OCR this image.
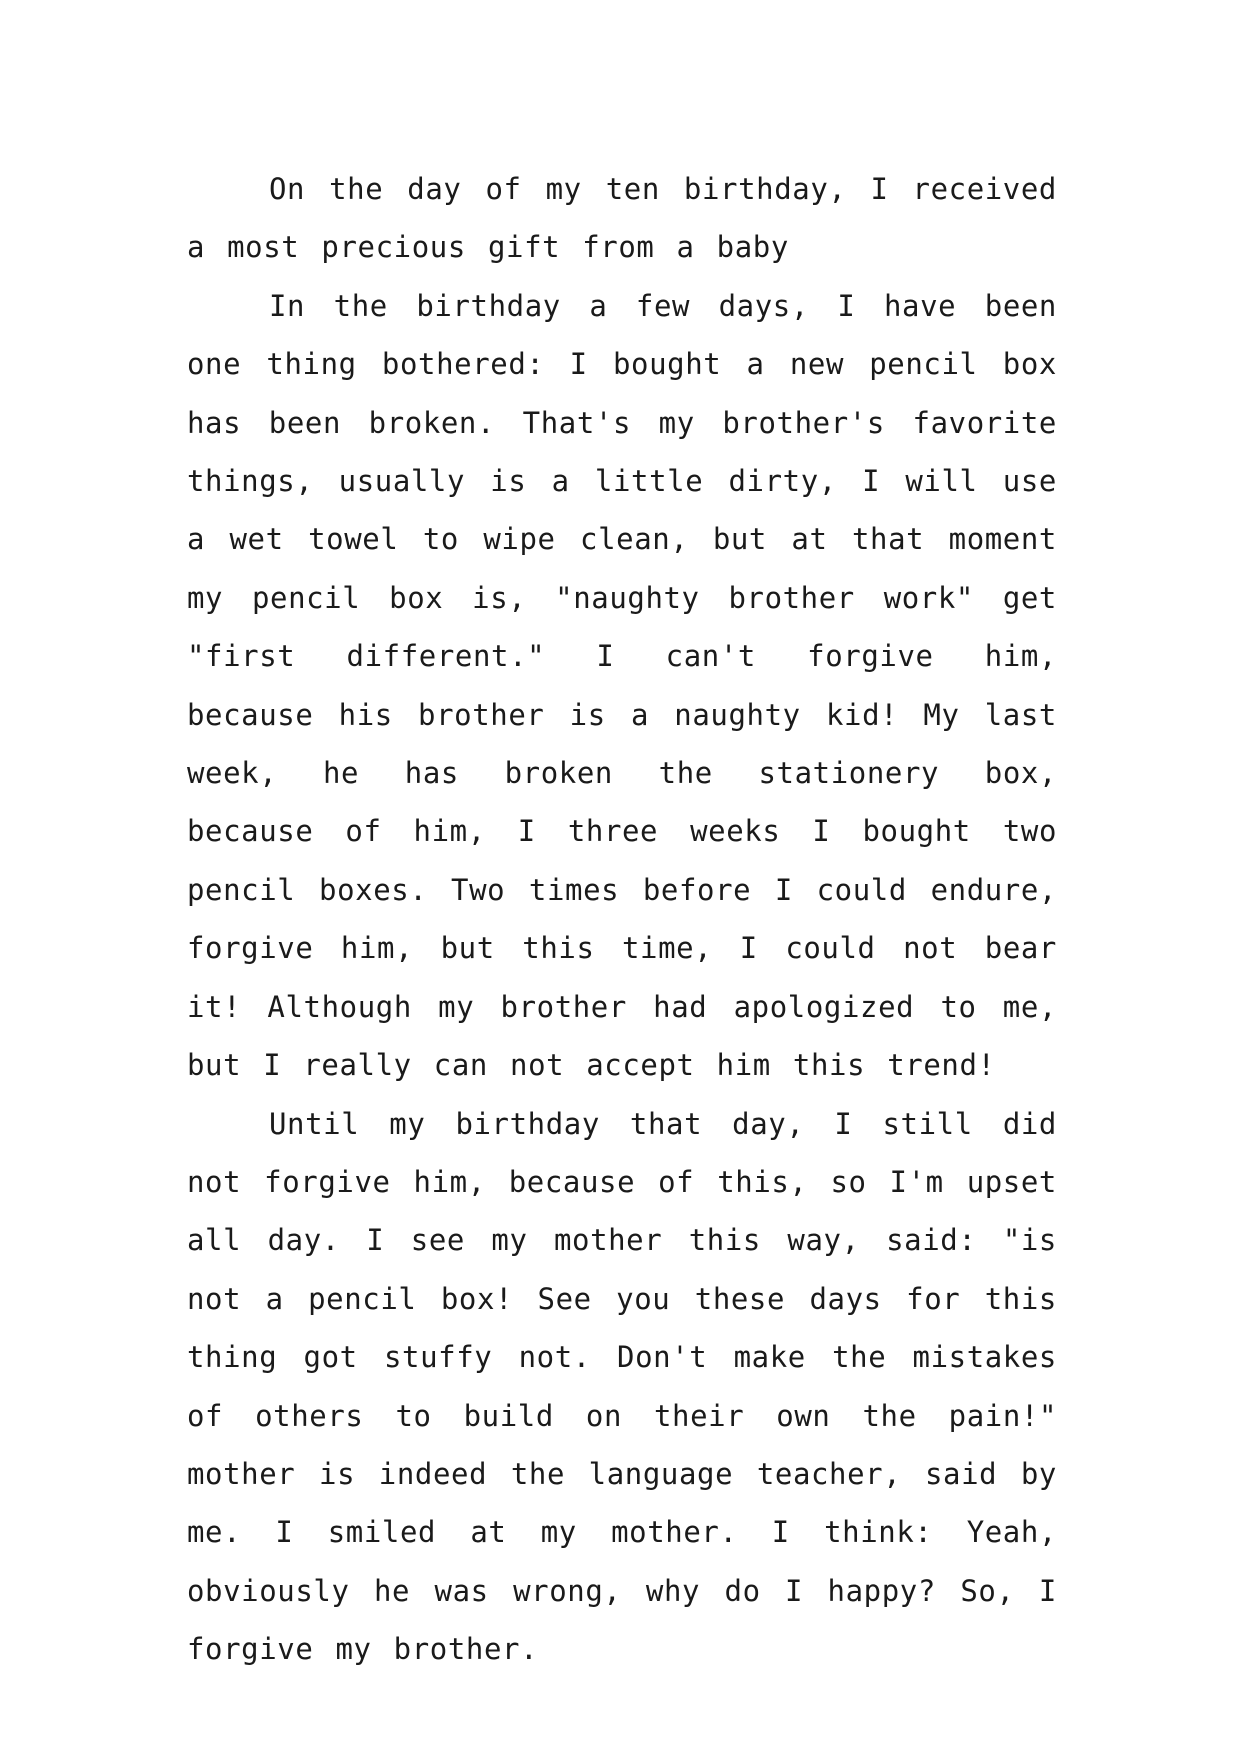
On the day of my ten birthday, I received a most precious gift from a baby

In the birthday a few days, I have been one thing bothered: I bought a new pencil box has been broken. That's my brother's favorite things, usually is a little dirty, I will use a wet towel to wipe clean, but at that moment my pencil box is, "naughty brother work" get "first different." I can't forgive him, because his brother is a naughty kid! My last week, he has broken the stationery box, because of him, I three weeks I bought two pencil boxes. Two times before I could endure, forgive him, but this time, I could not bear it! Although my brother had apologized to me, but I really can not accept him this trend!

Until my birthday that day, I still did not forgive him, because of this, so I'm upset all day. I see my mother this way, said: "is not a pencil box! See you these days for this thing got stuffy not. Don't make the mistakes of others to build on their own the pain!" mother is indeed the language teacher, said by me. I smiled at my mother. I think: Yeah, obviously he was wrong, why do I happy? So, I forgive my brother.
